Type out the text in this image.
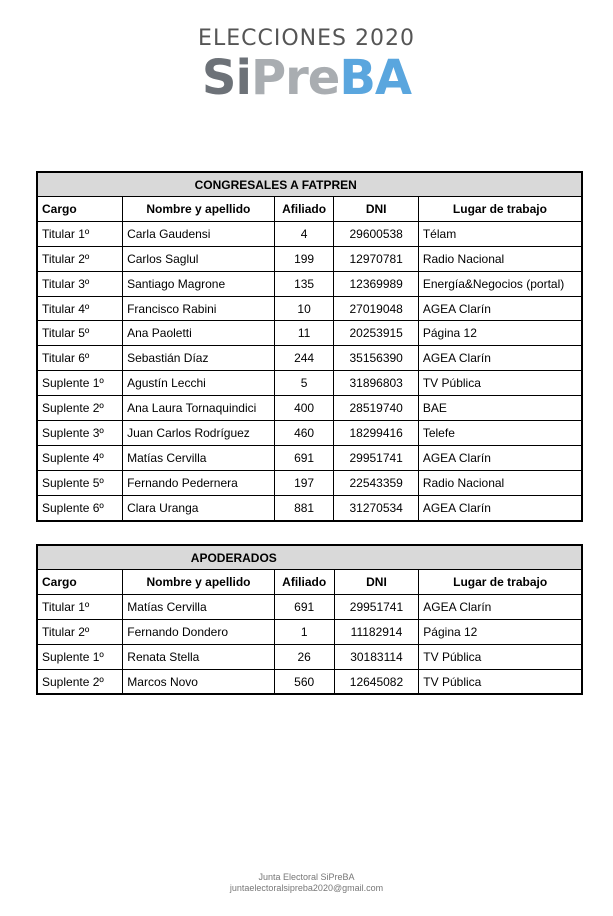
ELECCIONES 2020
SiPreBA
	CONGRESALES A FATPREN			
Cargo	Nombre y apellido	Afiliado	DNI	Lugar de trabajo
Titular 1º	Carla Gaudensi	4	29600538	Télam
Titular 2º	Carlos Saglul	199	12970781	Radio Nacional
Titular 3º	Santiago Magrone	135	12369989	Energía&Negocios (portal)
Titular 4º	Francisco Rabini	10	27019048	AGEA Clarín
Titular 5º	Ana Paoletti	11	20253915	Página 12
Titular 6º	Sebastián Díaz	244	35156390	AGEA Clarín
Suplente 1º	Agustín Lecchi	5	31896803	TV Pública
Suplente 2º	Ana Laura Tornaquindici	400	28519740	BAE
Suplente 3º	Juan Carlos Rodríguez	460	18299416	Telefe
Suplente 4º	Matías Cervilla	691	29951741	AGEA Clarín
Suplente 5º	Fernando Pedernera	197	22543359	Radio Nacional
Suplente 6º	Clara Uranga	881	31270534	AGEA Clarín
	APODERADOS			
Cargo	Nombre y apellido	Afiliado	DNI	Lugar de trabajo
Titular 1º	Matías Cervilla	691	29951741	AGEA Clarín
Titular 2º	Fernando Dondero	1	11182914	Página 12
Suplente 1º	Renata Stella	26	30183114	TV Pública
Suplente 2º	Marcos Novo	560	12645082	TV Pública
Junta Electoral SiPreBA
juntaelectoralsipreba2020@gmail.com
